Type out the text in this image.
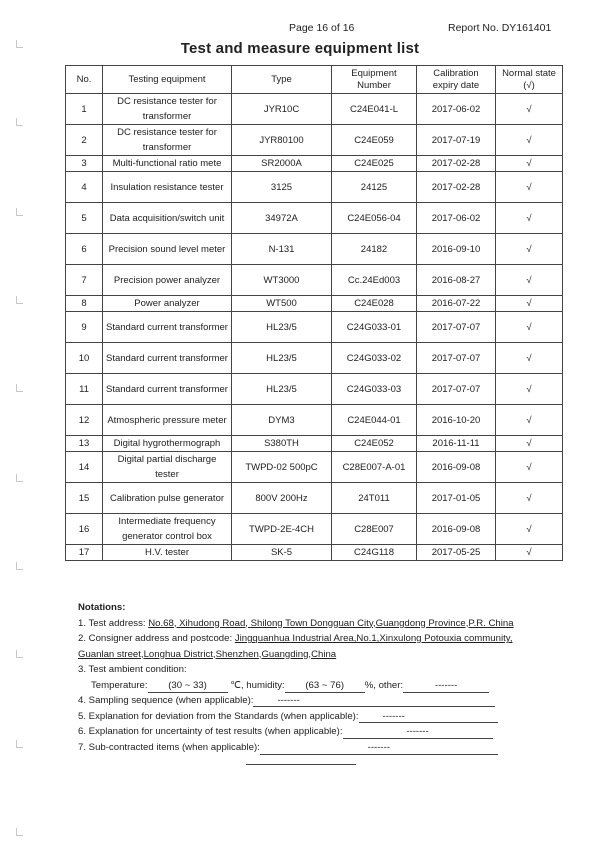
Page 16 of 16	Report No. DY161401
Test and measure equipment list
No.	Testing equipment	Type	Equipment Number	Calibration expiry date	Normal state (√)
1	DC resistance tester for transformer	JYR10C	C24E041-L	2017-06-02	√
2	DC resistance tester for transformer	JYR80100	C24E059	2017-07-19	√
3	Multi-functional ratio mete	SR2000A	C24E025	2017-02-28	√
4	Insulation resistance tester	3125	24125	2017-02-28	√
5	Data acquisition/switch unit	34972A	C24E056-04	2017-06-02	√
6	Precision sound level meter	N-131	24182	2016-09-10	√
7	Precision power analyzer	WT3000	Cc.24Ed003	2016-08-27	√
8	Power analyzer	WT500	C24E028	2016-07-22	√
9	Standard current transformer	HL23/5	C24G033-01	2017-07-07	√
10	Standard current transformer	HL23/5	C24G033-02	2017-07-07	√
11	Standard current transformer	HL23/5	C24G033-03	2017-07-07	√
12	Atmospheric pressure meter	DYM3	C24E044-01	2016-10-20	√
13	Digital hygrothermograph	S380TH	C24E052	2016-11-11	√
14	Digital partial discharge tester	TWPD-02 500pC	C28E007-A-01	2016-09-08	√
15	Calibration pulse generator	800V 200Hz	24T011	2017-01-05	√
16	Intermediate frequency generator control box	TWPD-2E-4CH	C28E007	2016-09-08	√
17	H.V. tester	SK-5	C24G118	2017-05-25	√
Notations:
1. Test address: No.68, Xihudong Road, Shilong Town Dongguan City,Guangdong Province,P.R. China
2. Consigner address and postcode: Jingquanhua Industrial Area,No.1,Xinxulong Potouxia community,
Guanlan street,Longhua District,Shenzhen,Guangding,China
3. Test ambient condition:
Temperature: (30 ~ 33) ℃, humidity: (63 ~ 76) %, other:	-------
4. Sampling sequence (when applicable):	-------
5. Explanation for deviation from the Standards (when applicable):	-------
6. Explanation for uncertainty of test results (when applicable):	-------
7. Sub-contracted items (when applicable):	-------
